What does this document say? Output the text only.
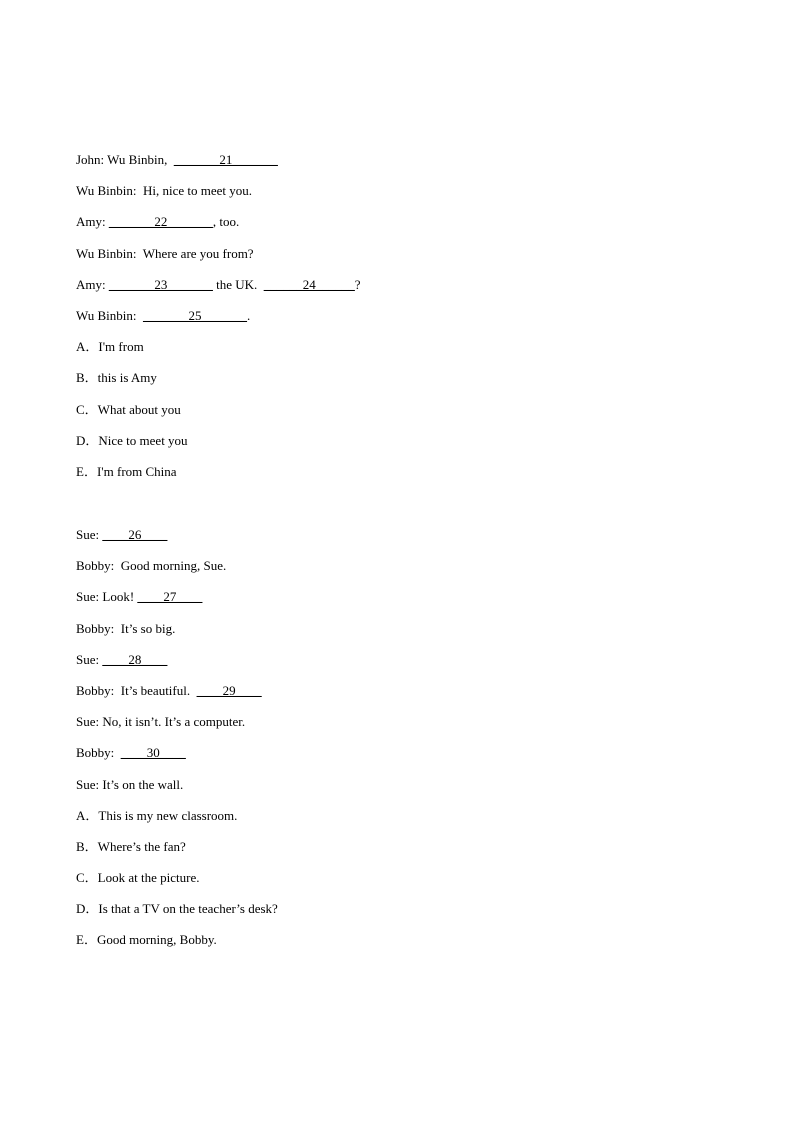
John: Wu Binbin,  _______21_______
Wu Binbin:  Hi, nice to meet you.
Amy: _______22_______, too.
Wu Binbin:  Where are you from?
Amy: _______23_______ the UK.  ______24______?
Wu Binbin: _______25_______.
A．I'm from
B．this is Amy
C．What about you
D．Nice to meet you
E．I'm from China
Sue: ____26____
Bobby:  Good morning, Sue.
Sue: Look! ____27____
Bobby:  It’s so big.
Sue: ____28____
Bobby:  It’s beautiful.  ____29____
Sue: No, it isn’t. It’s a computer.
Bobby: ____30____
Sue: It’s on the wall.
A．This is my new classroom.
B．Where’s the fan?
C．Look at the picture.
D．Is that a TV on the teacher’s desk?
E．Good morning, Bobby.
